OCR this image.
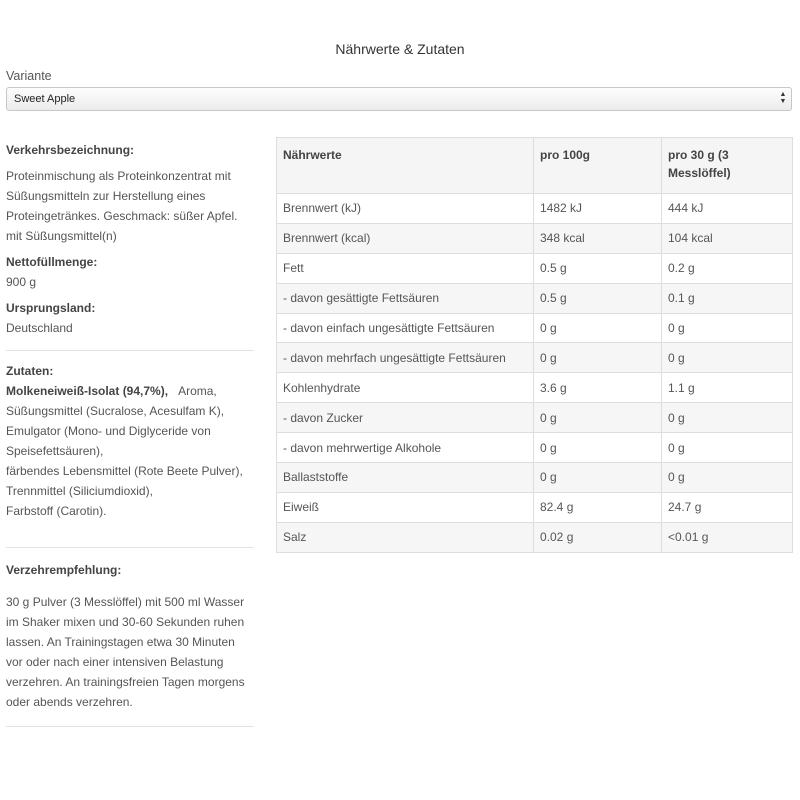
Nährwerte & Zutaten
Variante
Sweet Apple	▲
▼

Verkehrsbezeichnung:

Proteinmischung als Proteinkonzentrat mit Süßungsmitteln zur Herstellung eines Proteingetränkes. Geschmack: süßer Apfel. mit Süßungsmittel(n)

Nettofüllmenge:

900 g

Ursprungsland:

Deutschland

Zutaten:

Molkeneiweiß-Isolat (94,7%), Aroma,

Süßungsmittel (Sucralose, Acesulfam K),

Emulgator (Mono- und Diglyceride von Speisefettsäuren),

färbendes Lebensmittel (Rote Beete Pulver),

Trennmittel (Siliciumdioxid),

Farbstoff (Carotin).

Verzehrempfehlung:

30 g Pulver (3 Messlöffel) mit 500 ml Wasser im Shaker mixen und 30-60 Sekunden ruhen lassen. An Trainingstagen etwa 30 Minuten vor oder nach einer intensiven Belastung verzehren. An trainingsfreien Tagen morgens oder abends verzehren.

Nährwerte	pro 100g	pro 30 g (3 Messlöffel)
Brennwert (kJ)	1482 kJ	444 kJ
Brennwert (kcal)	348 kcal	104 kcal
Fett	0.5 g	0.2 g
- davon gesättigte Fettsäuren	0.5 g	0.1 g
- davon einfach ungesättigte Fettsäuren	0 g	0 g
- davon mehrfach ungesättigte Fettsäuren	0 g	0 g
Kohlenhydrate	3.6 g	1.1 g
- davon Zucker	0 g	0 g
- davon mehrwertige Alkohole	0 g	0 g
Ballaststoffe	0 g	0 g
Eiweiß	82.4 g	24.7 g
Salz	0.02 g	<0.01 g
